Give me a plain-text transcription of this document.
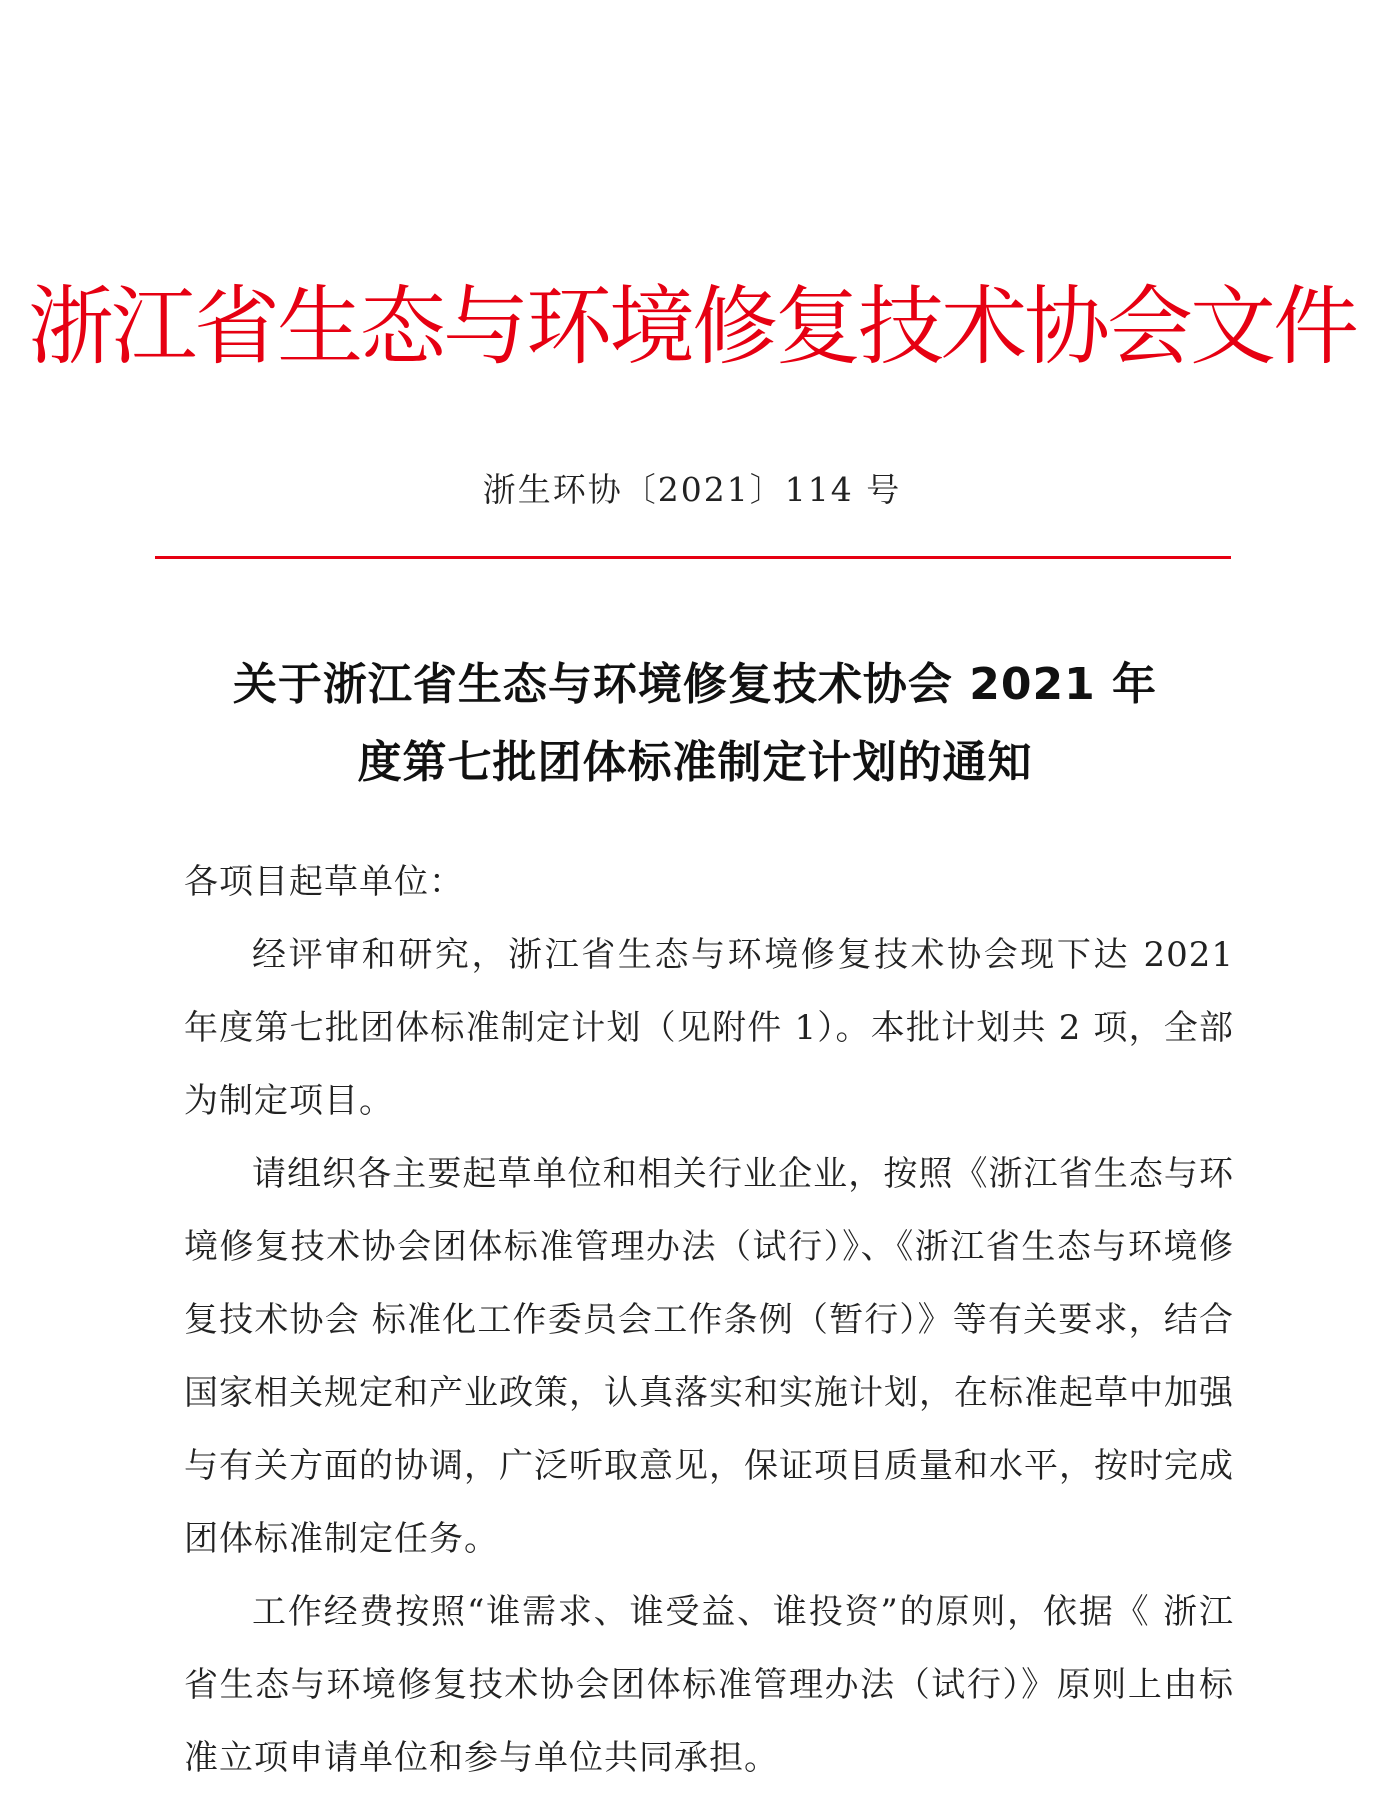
浙江省生态与环境修复技术协会文件
浙生环协〔2021〕114 号
关于浙江省生态与环境修复技术协会 2021 年
度第七批团体标准制定计划的通知

各项目起草单位：

经评审和研究，浙江省生态与环境修复技术协会现下达 2021 年度第七批团体标准制定计划（见附件 1）。本批计划共 2 项，全部为制定项目。

请组织各主要起草单位和相关行业企业，按照《浙江省生态与环境修复技术协会团体标准管理办法（试行）》、《浙江省生态与环境修复技术协会 标准化工作委员会工作条例（暂行）》等有关要求，结合国家相关规定和产业政策，认真落实和实施计划，在标准起草中加强与有关方面的协调，广泛听取意见，保证项目质量和水平，按时完成团体标准制定任务。

工作经费按照“谁需求、谁受益、谁投资”的原则，依据《 浙江省生态与环境修复技术协会团体标准管理办法（试行）》原则上由标准立项申请单位和参与单位共同承担。
